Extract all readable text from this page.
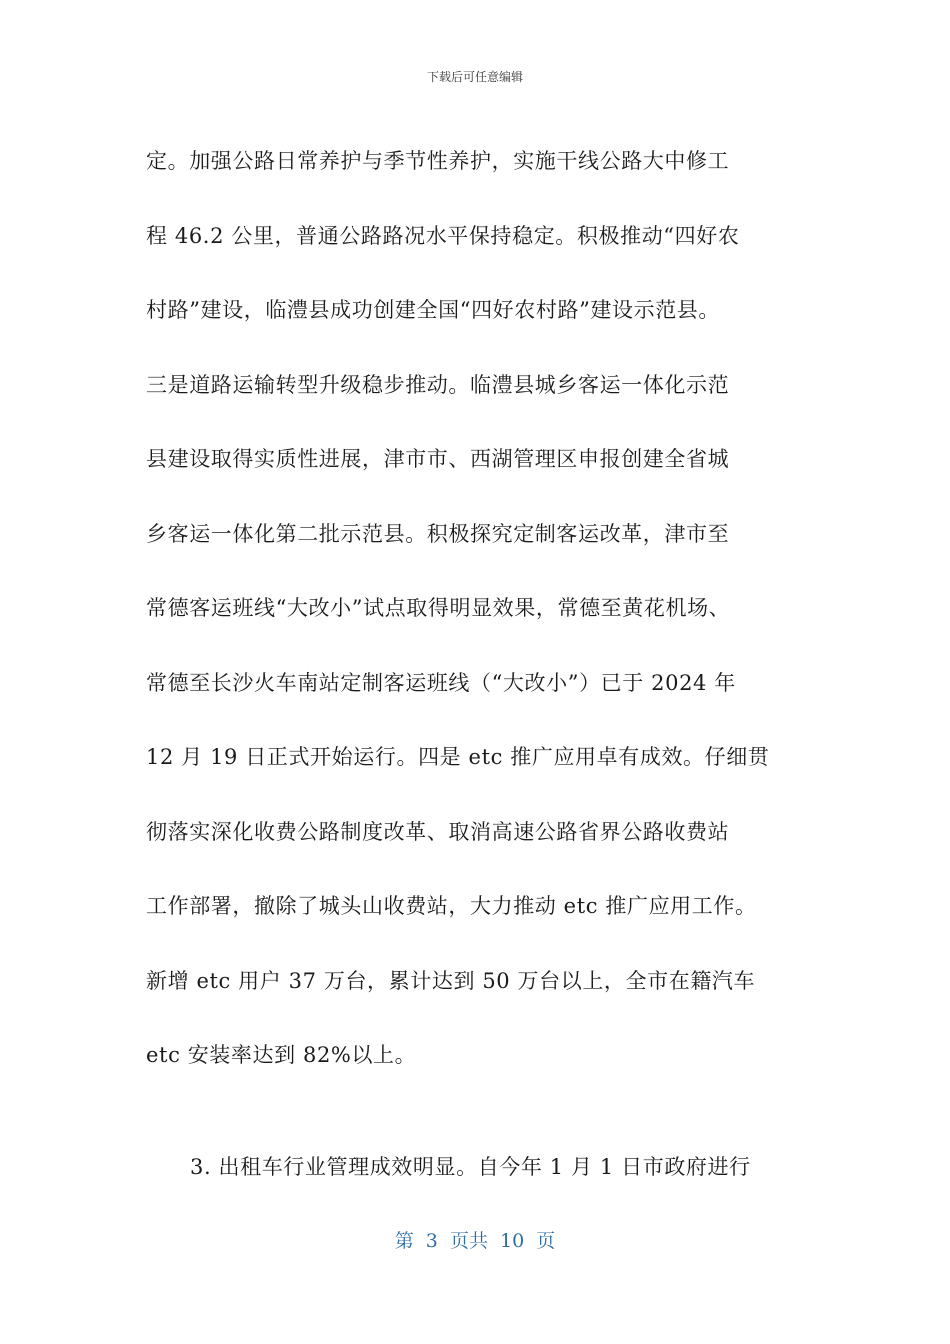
下载后可任意编辑
定。加强公路日常养护与季节性养护，实施干线公路大中修工
程 46.2 公里，普通公路路况水平保持稳定。积极推动“四好农
村路”建设，临澧县成功创建全国“四好农村路”建设示范县。
三是道路运输转型升级稳步推动。临澧县城乡客运一体化示范
县建设取得实质性进展，津市市、西湖管理区申报创建全省城
乡客运一体化第二批示范县。积极探究定制客运改革，津市至
常德客运班线“大改小”试点取得明显效果，常德至黄花机场、
常德至长沙火车南站定制客运班线（“大改小”）已于 2024 年
12 月 19 日正式开始运行。四是 etc 推广应用卓有成效。仔细贯
彻落实深化收费公路制度改革、取消高速公路省界公路收费站
工作部署，撤除了城头山收费站，大力推动 etc 推广应用工作。
新增 etc 用户 37 万台，累计达到 50 万台以上，全市在籍汽车
etc 安装率达到 82%以上。
3. 出租车行业管理成效明显。自今年 1 月 1 日市政府进行
第  3  页共  10  页
